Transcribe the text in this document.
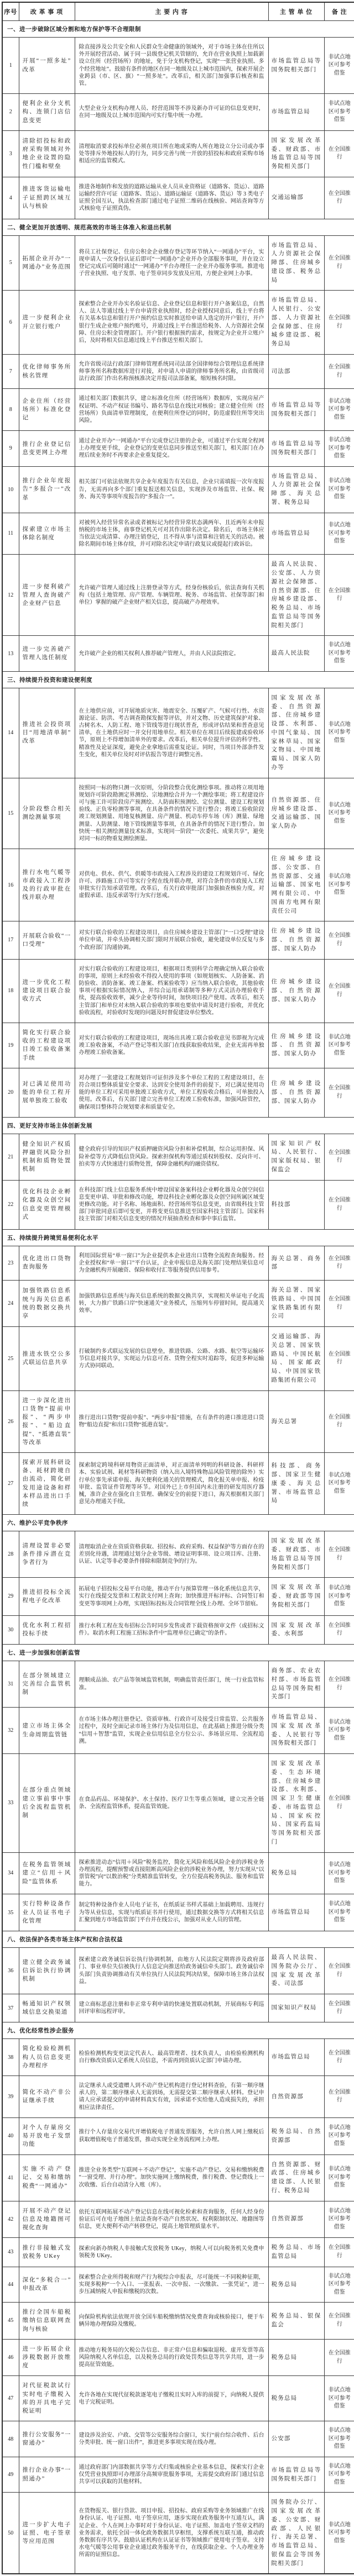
序号	改 革 事 项	主 要 内 容	主 管 单 位	备 注
一、进一步破除区域分割和地方保护等不合理限制				
1	开展“一照多址”改革	除直接涉及公共安全和人民群众生命健康的领域外，对于市场主体在住所以外开展经营活动、属于同一县级登记机关管辖的，允许在营业执照上加载新设立住所（经营场所）的地址，免于分支机构登记，实现“一张营业执照、多个经营地址”。鼓励有条件的地区在同一地级及以上城市范围内，探索开展企业跨县（市、区、旗）“一照多址”。改革后，相关部门加强事后核查和监管。	市场监管总局等国务院相关部门	非试点地区可参考借鉴
2	便利企业分支机构、连锁门店信息变更	大型企业分支机构办理人员、经营范围等不涉及新办许可证的信息变更时，在同一地级及以上城市范围内可实行集中统一办理。	市场监管总局	非试点地区可参考借鉴
3	清除招投标和政府采购领域对外地企业设置的隐性门槛和壁垒	清理取消要求投标单位必须在项目所在地或采购人所在地设立分公司或办事处等排斥外地投标人的行为，同步完善与统一开放的招投标和政府采购市场相适应的监管模式。	国家发展改革委、财政部、市场监管总局等国务院相关部门	在全国推行
4	推进客货运输电子证照跨区域互认与核验	推进各地制作和发放的道路运输从业人员从业资格证（道路客、货运）、道路运输经营许可证（道路客、货运）、道路运输证（道路客、货运）等 3 类电子证照全国互认，执法检查部门通过电子证照二维码在线核验、网站查询等方式核验电子证照真伪。	交通运输部	在全国推行
二、健全更加开放透明、规范高效的市场主体准入和退出机制				
5	拓展企业开办“一网通办”业务范围	将员工社保登记、住房公积金企业缴存登记等环节纳入“一网通办”平台，实现申请人一次身份认证后即可“一网通办”企业开办全部服务事项，并在设立登记完成后可随时通过“一网通办”平台办理任一企业开办服务事项。推进电子营业执照、电子发票、电子签章同步发放及应用，方便企业网上办事。	市场监管总局、人力资源社会保障部、住房城乡建设部、税务总局	在全国推行
6	进一步便利企业开立银行账户	探索整合企业开办实名验证信息、企业登记信息和银行开户备案信息，自然人、法人等通过线上平台申请营业执照时，经企业授权同意后，线上平台将有关基本信息和银行开户预约信息实时推送给申请人选定的开户银行，开户银行生成企业账户预约账号，并通过线上平台推送给税务、人力资源社会保障、住房公积金管理部门。开户银行根据预约需求，按规定为企业开立账户后，及时将相关信息通过线上平台推送至相关部门。	市场监管总局、人民银行、公安部、人力资源社会保障部、住房城乡建设部、税务总局	在全国推行
7	优化律师事务所核名管理	允许省级司法行政部门律师管理系统同司法部全国律师综合管理信息系统律师事务所名称数据库进行对接，对申请人申请的律师事务所名称，由省级司法行政部门作出名称预核准决定并报司法部备案，缩短核名时限。	司法部	在全国推行
8	企业住所（经营场所）标准化登记	通过相关部门数据共享，建立标准化住所（经营场所）数据库，实现房屋产权证明、不动产权证书编号、路名等信息在线比对核验；建立健全住所（经营场所）负面清单管理制度，在便利住所登记的同时，防范虚假住所等突出风险。	市场监管总局等国务院相关部门	非试点地区可参考借鉴
9	推行企业登记信息变更网上办理	通过企业开办“一网通办”平台完成登记注册的企业，可通过平台实现全程网上办理变更手续，企业登记的变更信息同步推送至相关部门，相关部门在办理后续业务时不再要求企业重复提交。	市场监管总局等国务院相关部门	非试点地区可参考借鉴
10	推行企业年度报告“多报合一”改革	相关部门可依法依规共享企业年度报告有关信息，企业只需填报一次年度报告，无需再向多个部门重复报送相关信息，实现涉及市场监管、社保、税务、海关等事项年度报告的“多报合一”。	市场监管总局、人力资源社会保障部、海关总署、税务总局	非试点地区可参考借鉴
11	探索建立市场主体除名制度	对被列入经营异常名录或者被标记为经营异常状态满两年、且近两年未申报纳税的市场主体，商事登记机关可对其作出除名决定。除名后，市场主体应当依法完成清算、办理注销登记，且不得从事与清算和注销无关的活动。被除名期间市场主体存续，并可对除名决定申请行政复议或提起行政诉讼。	市场监管总局	非试点地区可参考借鉴
12	进一步便利破产管理人查询破产企业财产信息	允许破产管理人通过线上注册登录等方式，经身份核验后，依法查询有关机构（包括土地管理、房产管理、车辆管理、税务、市场监管、社保等部门和单位）掌握的破产企业财产相关信息，提高破产办理效率。	最高人民法院、公安部、人力资源社会保障部、自然资源部、住房城乡建设部、税务总局、市场监管总局等国务院相关部门	在全国推行
13	进一步完善破产管理人选任制度	允许破产企业的相关权利人推荐破产管理人，并由人民法院指定。	最高人民法院	非试点地区可参考借鉴
三、持续提升投资和建设便利度				
14	推进社会投资项目“用地清单制”改革	在土地供应前，可开展地质灾害、地震安全、压覆矿产、气候可行性、水资源论证、防洪、考古调查勘探发掘等评估，并对文物、历史建筑保护对象、古树名木、人防工程、地下管线等进行现状普查，形成评估结果和普查意见清单，在土地供应时一并交付用地单位。相关单位在项目后续报建或验收环节，原则上不得增加清单外的要求。改革后，相关单位提升评估的科学性、精准性及论证深度，避免企业拿地后需重复论证。同时，当项目外部条件发生变化，相关单位及时对评估报告等进行调整完善。	国家发展改革委、自然资源部、住房城乡建设部、水利部、中国气象局、国家林草局、国家文物局、中国地震局、国家人防办等	非试点地区可参考借鉴
15	分阶段整合相关测绘测量事项	按照同一标的物只测一次原则，分阶段整合优化测绘事项。推动将立项用地规划许可阶段勘测定界测绘、宗地测绘合并为一个测绘事项；将工程建设许可与施工许可阶段房产预测绘、人防面积预测绘、定位测量、建设工程规划验线、正负零检测等事项，在具备条件的情况下进行整合；将竣工验收阶段竣工规划测量、用地复核测量、房产测量、机动车停车场（库）测量、绿地测量、人防测量、地下管线测量等事项，在具备条件的情况下进行整合。加快统一相关测绘测量技术标准，实现同一阶段“一次委托、成果共享”，避免对同一标的物重复测绘测量。	自然资源部、住房城乡建设部、交通运输部、国家人防办	非试点地区可参考借鉴
16	推行水电气暖等市政接入工程涉及的行政审批在线并联办理	对供电、供水、供气、供暖等市政接入工程涉及的建设工程规划许可、绿化许可、涉路施工许可等实行全程在线并联办理，对符合条件的市政接入工程审批实行告知承诺管理。改革后，有关行政审批部门加强抽查核验力度，对虚假承诺、违反承诺等行为实行惩戒。	住房城乡建设部、公安部、自然资源部、交通运输部、国家电网有限公司、中国南方电网有限责任公司	非试点地区可参考借鉴
17	开展联合验收“一口受理”	对实行联合验收的工程建设项目，由住房城乡建设主管部门“一口受理”建设单位申请，并牵头协调相关部门限时开展联合验收，避免建设单位反复与多个政府部门沟通协调。	住房城乡建设部、自然资源部、国家人防办	在全国推行
18	进一步优化工程建设项目联合验收方式	对实行联合验收的工程建设项目，根据项目类别科学合理确定纳入联合验收的事项，原则上未经验收不得投入使用的事项（如规划核实、人防备案、消防验收、消防备案、竣工备案、档案验收等）应当纳入联合验收，其他验收事项可根据实际情况纳入，并综合运用承诺制等多种方式灵活办理验收手续，提高验收效率，减少企业等待时间，加快项目投产使用。改革后，相关主管部门和单位对未纳入联合验收的事项也要依申请及时进行验收，并优化验收流程，对验收时发现的问题及时督促建设单位整改。	住房城乡建设部、自然资源部、国家人防办	在全国推行
19	简化实行联合验收的工程建设项目竣工验收备案手续	对实行联合验收的工程建设项目，现场出具竣工联合验收意见书即视为完成竣工验收备案，不动产登记等相关部门在线获取验收结果，企业无需再单独办理竣工验收备案。	住房城乡建设部、自然资源部、国家人防办	非试点地区可参考借鉴
20	对已满足使用功能的单位工程开展单独竣工验收	对办理了一张建设工程规划许可证但涉及多个单位工程的工程建设项目，在符合项目整体质量安全要求、达到安全使用条件的前提下，对已满足使用功能的单位工程可采用单独竣工验收方式，单位工程验收合格后，可单独投入使用。改革后，有关部门建立完善单位工程竣工验收标准，加强风险管控，确保项目整体符合规划要求和质量安全。	住房城乡建设部、自然资源部、国家人防办	在全国推行
四、更好支持市场主体创新发展				
21	健全知识产权质押融资风险分担机制和质物处置机制	健全政府引导的知识产权质押融资风险分担和补偿机制，综合运用担保、风险补偿等方式降低信贷风险。探索担保机构等通过质权转股权、反向许可、拍卖等方式快速进行质物处置，保障金融机构的融资债权。	国家知识产权局、人民银行、国家版权局、银保监会	在全国推行
22	优化科技企业孵化器及众创空间信息变更管理模式	在科技部门线上信息服务系统中增设国家备案科技企业孵化器及众创空间信息变更申请、审批和修改功能，增设科技企业孵化器及众创空间所属区域变更修改功能。对于名称、场地面积、经营场所等信息变更，由省级科技主管部门审批同意后即可变更，并将变更信息推送至国家科技主管部门。国家科技主管部门对相关信息变更的情况开展抽查检查和事中事后监管。	科技部	在全国推行
五、持续提升跨境贸易便利化水平				
23	优化进出口货物查询服务	利用国际贸易“单一窗口”为企业提供本企业进出口货物全流程查询服务。经企业授权和“单一窗口”平台认证，企业申报信息及海关部门处理结果信息可为金融机构开展融资、保险和收付汇等服务提供信用参考。	海关总署、商务部	在全国推行
24	加强铁路信息系统与海关信息系统的数据交换共享	加强铁路信息系统与海关信息系统的数据交换共享，实现相关单证电子化流转，大力推广铁路口岸“快速通关”业务模式，压缩列车停留时间，提高通关效率。	海关总署、国家铁路局、中国国家铁路集团有限公司	在全国推行
25	推进水铁空公多式联运信息共享	打破制约多式联运发展的信息壁垒，推进铁路、公路、水路、航空等运输环节信息对接共享，实现运力信息可查、货物全程实时追踪等，促进多种运输方式协同联动。	交通运输部、海关总署、国家铁路局、中国民航局、国家邮政局、中国国家铁路集团有限公司	在全国推行
26	进一步深化进出口货物“提前申报”、“两步申报”、“船边直提”、“抵港直装”等改革	推行进出口货物“提前申报”、“两步申报”措施，在有条件的港口推进进口货物“船边直提”和出口货物“抵港直装”。	海关总署	在全国推行
27	探索开展科研设备、耗材跨境自由流动，简化研发用途设备和样本样品进出口手续	探索制定跨境科研用物资正面清单，对正面清单列明的科研设备、科研样本、实验试剂、耗材等科研物资（纳入出入境特殊物品风险管理的除外）实行单位事先承诺申报、海关便利化通关的管理模式，简化报关单申报、检疫审批、监管证件管理等环节。对国外已上市但国内未注册的研发用医疗器械，准许企业在强化自主管理、确保安全的前提下进口，海关根据相关部门意见办理通关手续。	科技部、商务部、国家卫生健康委、海关总署、市场监管总局	非试点地区可参考借鉴
六、维护公平竞争秩序				
28	清理设置非必要条件排斥潜在竞争者行为	清理取消企业在资质资格获取、招投标、政府采购、权益保护等方面存在的差别化待遇，清理通过划分企业等级、增设证明事项、设立项目库、注册、认证、认定等非必要条件排除和限制竞争的行为。	国家发展改革委、财政部、市场监管总局等国务院相关部门	在全国推行
29	推进招投标全流程电子化改革	拓展电子招投标交易平台功能，推动平台与预算管理一体化系统信息共享，实行在线提交发票和工程款支付网上查询；加快推进开标评标、合同签订和变更等事项网上办理，实现招标投标及合同管理全线上办理、全环节留痕。	国家发展改革委、财政部等国务院相关部门	非试点地区可参考借鉴
30	优化水利工程招投标手续	推行水利工程在发布招标公告时同步发售或者下载资格预审文件（或招标文件）。取消水利工程施工招标条件中“监理单位已确定”的条件。	国家发展改革委、水利部	在全国推行
七、进一步加强和创新监管				
31	在部分领域建立完善综合监管机制	理顺成品油、农产品等领域监管机制，明确监管责任部门，统一行业监管标准。	商务部、农业农村部、市场监管总局等国务院相关部门	在全国推行
32	建立市场主体全生命周期监管链	在市场主体办理注册登记、资质审核、行政许可及接受日常监管、公共服务过程中，及时全面记录市场主体行为及信用信息，在此基础上推进分级分类“信用＋智慧”监管，实现企业信用信息全方位公示、多场景应用、全流程追溯。	市场监管总局、国家发展改革委、人民银行等国务院相关部门	非试点地区可参考借鉴
33	在部分重点领域建立事前事中事后全流程监管机制	在食品药品、环境保护、水土保持、医疗卫生等重点领域，建立完善全链条、全流程监管体系，提高监管效能。	国家发展改革委、生态环境部、住房城乡建设部、水利部、国家卫生健康委、市场监管总局、国家疾控局、国家药监局等国务院相关部门	在全国推行
34	在税务监管领域建立“信用＋风险”监管体系	探索推进动态“信用＋风险”税务监控，简化无风险和低风险企业的涉税业务办理流程，提醒预警或直接阻断高风险企业的涉税业务办理，努力实现从“以票管税”向“以数治税”分类精准监管转变，全方位提高税务执法、服务和监管能力。	税务总局	非试点地区可参考借鉴
35	实行特种设备作业人员证书电子化管理	制定特种设备作业人员电子证书，在纸质证书样式基础上加载聘用、违规行为等从业信息，实现与纸质证书并行使用，通过数据交换等方式将相关信息汇聚到地方市场监管部门平台并在线公示，加强对从业人员的管理。	市场监管总局	非试点地区可参考借鉴
八、依法保护各类市场主体产权和合法权益				
36	建立健全政务诚信诉讼执行协调机制	探索建立政务诚信诉讼执行协调机制，由地方人民法院定期将涉及政府部门、事业单位失信被执行人信息定向推送给政务诚信牵头部门。政务诚信牵头部门负责协调推动有关单位执行人民法院判决结果，保障市场主体合法权益。	最高人民法院、国务院办公厅、国家发展改革委、司法部	在全国推行
37	畅通知识产权领域信息交换渠道	建立商标恶意注册和非正常专利申请的快速处置联动机制，开展商标专利巡回评审和远程评审。	国家知识产权局	在全国推行
九、优化经常性涉企服务				
38	简化检验检测机构人员信息变更办理程序	检验检测机构变更法定代表人、最高管理者、技术负责人，由检验检测机构自行修改资质认定系统人员信息，不需再到资质认定部门申请办理。	市场监管总局	在全国推行
39	简化不动产非公证继承手续	法定继承人或受遗赠人到不动产登记机构进行登记材料查验，有第一顺序继承人的，第二顺序继承人无需到场，无需提交第二顺序继承人材料。登记申请人应承诺提交的申请材料真实有效，因承诺不实给他人造成损失的，承担相应法律责任。	自然资源部	在全国推行
40	对个人存量房交易开放电子发票功能	推行个人存量房交易代开增值税电子普通发票服务，允许自然人网上缴税后获取增值税电子普通发票，推动实现全业务流程网上办理。	税务总局、自然资源部	非试点地区可参考借鉴
41	实施不动产登记、交易和缴纳税费“一网通办”	推进全业务类型“互联网＋不动产登记”，实施不动产登记、交易和缴纳税费“一窗受理、并行办理”。加快实施网上缴纳税费，推行税费、登记费线上一次收缴、后台自动清分入账（库）。	自然资源部、财政部、住房城乡建设部、人民银行、税务总局	非试点地区可参考借鉴
42	开展不动产登记信息及地籍图可视化查询	依托互联网拓展不动产登记信息在线可视化检索和查询服务，任何人经身份验证后可在电子地图上依法查询不动产自然状况、权利限制状况、地籍图等信息，更大便利不动产转移登记，提高土地管理质量水平。	自然资源部	非试点地区可参考借鉴
43	推行非接触式发放税务 UKey	探索向新办纳税人非接触式发放税务 UKey，纳税人可以向税务机关免费申领税务 UKey。	税务总局、市场监管总局	在全国推行
44	深化“多税合一”申报改革	探索整合企业所得税和财产行为税综合申报表，尽可能统一不同税种征期，实现多税种“一个入口、一张报表、一次申报、一次缴款、一张凭证”，进一步压减纳税人申报和缴税的次数。	税务总局	非试点地区可参考借鉴
45	推行全国车船税缴纳信息联网查询与核验	向保险机构依法依规开放全国车船税缴纳情况免费查询或核验接口，便于车辆异地办理保险及缴税。	税务总局、银保监会	在全国推行
46	进一步拓展企业涉税数据开放维度	推动地方税务局的欠税公告信息、非正常户信息和骗取退税、虚开发票等高风险纳税人名单信息，以及税务总局的行政处罚类信息等共享共用，进一步提高征管效能。	税务总局	在全国推行
47	对代征税款试行实时电子缴税入库的开具电子完税证明	允许各地在实现代征税款逐笔电子缴税且实时入库的前提下，向纳税人提供电子完税证明。	税务总局	非试点地区可参考借鉴
48	推行公安服务“一窗通办”	建设涉及治安、户政、交管等公安服务综合窗口，实行“前台综合收件、后台分类审批、统一窗口出件”，推进更多事项实现在线办理。	公安部	非试点地区可参考借鉴
49	推行企业办事“一照通办”	通过政府部门内部数据共享等方式归集或核验企业基本信息，探索实行企业仅凭营业执照即可办理部分高频审批服务事项，无需提交政府部门通过信息共享可以获取的其他材料。	市场监管总局等国务院相关部门	非试点地区可参考借鉴
50	进一步扩大电子证照、电子签章等应用范围	在货物报关、银行贷款、项目申报、招投标、政府采购等业务领域推广在线身份认证、电子证照、电子签章应用，逐步实现在政务服务中互通互认，满足企业、个人在网上办事时对于身份认证、电子证照、加盖电子签章文档的业务需求，依托全国一体化政务数据共享枢纽，支撑系统互联互通，推动政务数据有序共享。鼓励认证机构在认证证书等领域推广使用电子签章。支持水电气暖等公用事业企业通过政务服务平台，在线获取企业、个人办理业务所需的证照信息。	国务院办公厅、国家发展改革委、公安部、财政部、人民银行、海关总署、市场监管总局、银保监会等国务院相关部门	非试点地区可参考借鉴
